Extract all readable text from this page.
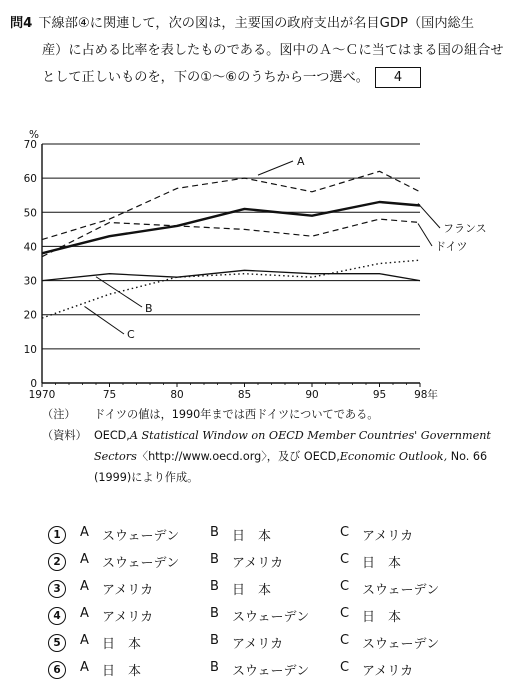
問4 下線部④に関連して，次の図は，主要国の政府支出が名目GDP（国内総生
産）に占める比率を表したものである。図中のＡ～Ｃに当てはまる国の組合せ
として正しいものを，下の①～⑥のうちから一つ選べ。 4
0
10
20
30
40
50
60
70
%
1970	75	80	85	90	95	98年
A
B
C
フランス
ドイツ
（注）	ドイツの値は，1990年までは西ドイツについてである。
（資料） OECD,A Statistical Window on OECD Member Countries' Government
Sectors〈http://www.oecd.org〉，及び OECD,Economic Outlook, No. 66
(1999)により作成。
1	A	スウェーデン B	日　本	C アメリカ
2	A	スウェーデン B	アメリカ	C 日　本
3	A	アメリカ	B	日　本	C スウェーデン
4	A	アメリカ	B	スウェーデン C 日　本
5	A	日　本	B	アメリカ	C スウェーデン
6	A	日　本	B	スウェーデン C アメリカ
